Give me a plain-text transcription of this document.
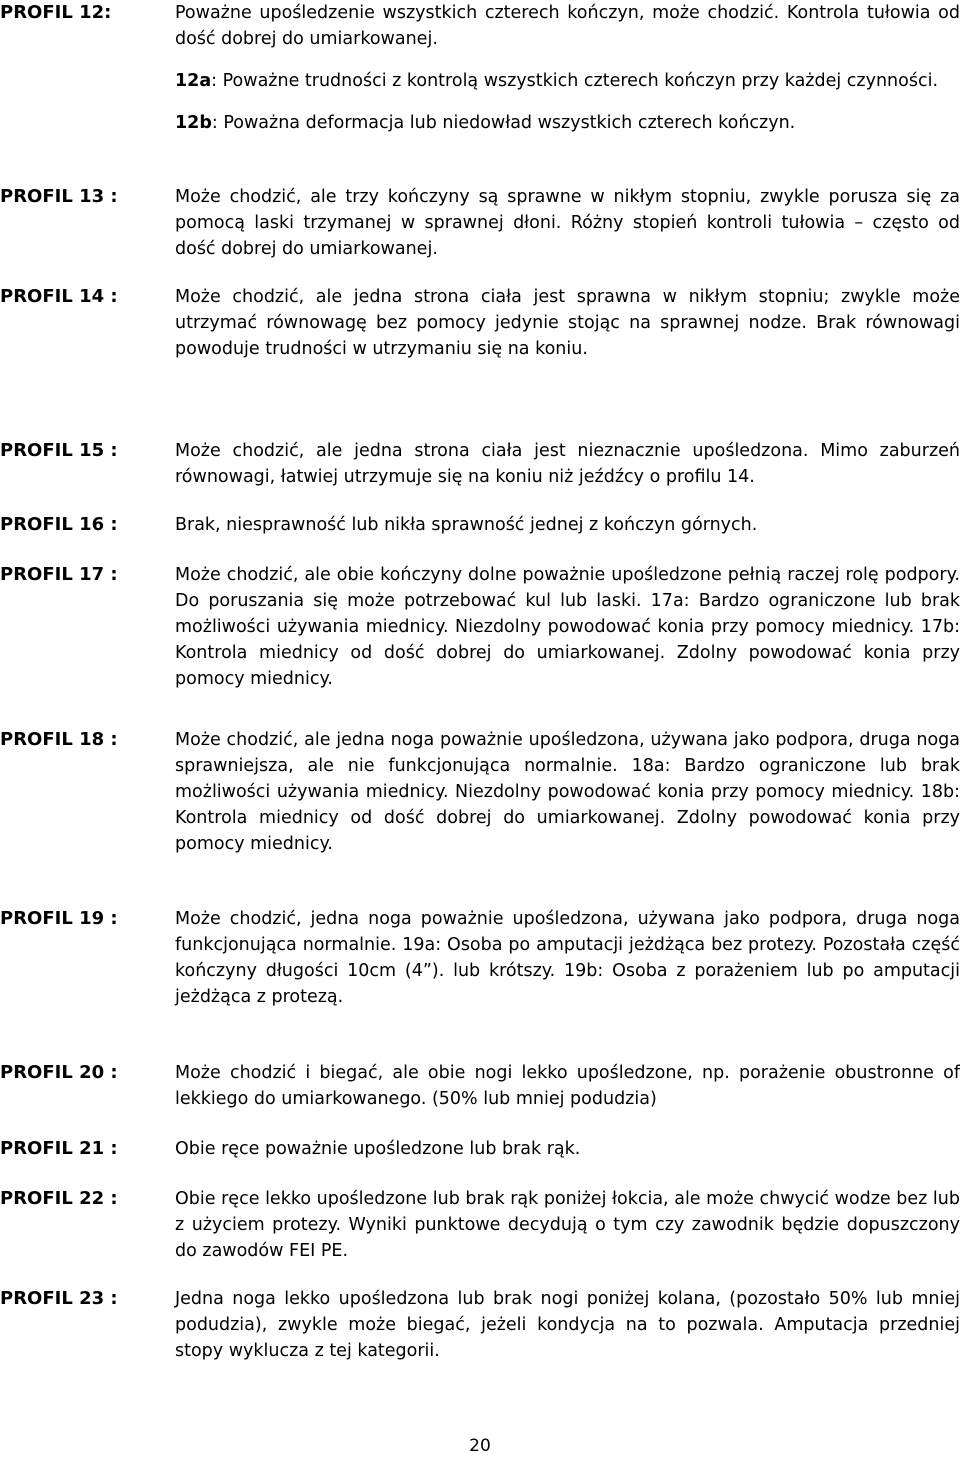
PROFIL 12:	Poważne upośledzenie wszystkich czterech kończyn, może chodzić. Kontrola tułowia od dość dobrej do umiarkowanej.

12a: Poważne trudności z kontrolą wszystkich czterech kończyn przy każdej czynności.

12b: Poważna deformacja lub niedowład wszystkich czterech kończyn.

PROFIL 13 :	Może chodzić, ale trzy kończyny są sprawne w nikłym stopniu, zwykle porusza się za pomocą laski trzymanej w sprawnej dłoni. Różny stopień kontroli tułowia – często od dość dobrej do umiarkowanej.

PROFIL 14 :	Może chodzić, ale jedna strona ciała jest sprawna w nikłym stopniu; zwykle może utrzymać równowagę bez pomocy jedynie stojąc na sprawnej nodze. Brak równowagi powoduje trudności w utrzymaniu się na koniu.

PROFIL 15 :	Może chodzić, ale jedna strona ciała jest nieznacznie upośledzona. Mimo zaburzeń równowagi, łatwiej utrzymuje się na koniu niż jeźdźcy o profilu 14.

PROFIL 16 :	Brak, niesprawność lub nikła sprawność jednej z kończyn górnych.

PROFIL 17 :	Może chodzić, ale obie kończyny dolne poważnie upośledzone pełnią raczej rolę podpory. Do poruszania się może potrzebować kul lub laski. 17a: Bardzo ograniczone lub brak możliwości używania miednicy. Niezdolny powodować konia przy pomocy miednicy. 17b: Kontrola miednicy od dość dobrej do umiarkowanej. Zdolny powodować konia przy pomocy miednicy.

PROFIL 18 :	Może chodzić, ale jedna noga poważnie upośledzona, używana jako podpora, druga noga sprawniejsza, ale nie funkcjonująca normalnie. 18a: Bardzo ograniczone lub brak możliwości używania miednicy. Niezdolny powodować konia przy pomocy miednicy. 18b: Kontrola miednicy od dość dobrej do umiarkowanej. Zdolny powodować konia przy pomocy miednicy.

PROFIL 19 :	Może chodzić, jedna noga poważnie upośledzona, używana jako podpora, druga noga funkcjonująca normalnie. 19a: Osoba po amputacji jeżdżąca bez protezy. Pozostała część kończyny długości 10cm (4”). lub krótszy. 19b: Osoba z porażeniem lub po amputacji jeżdżąca z protezą.

PROFIL 20 :	Może chodzić i biegać, ale obie nogi lekko upośledzone, np. porażenie obustronne of lekkiego do umiarkowanego. (50% lub mniej podudzia)

PROFIL 21 :	Obie ręce poważnie upośledzone lub brak rąk.

PROFIL 22 :	Obie ręce lekko upośledzone lub brak rąk poniżej łokcia, ale może chwycić wodze bez lub z użyciem protezy. Wyniki punktowe decydują o tym czy zawodnik będzie dopuszczony do zawodów FEI PE.

PROFIL 23 :	Jedna noga lekko upośledzona lub brak nogi poniżej kolana, (pozostało 50% lub mniej podudzia), zwykle może biegać, jeżeli kondycja na to pozwala. Amputacja przedniej stopy wyklucza z tej kategorii.

20
